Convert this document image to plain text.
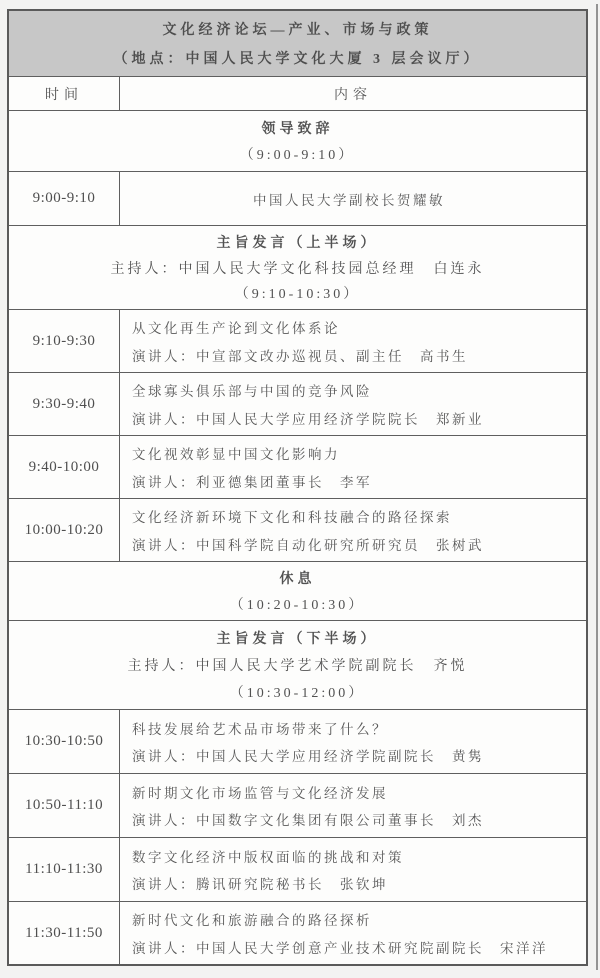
文化经济论坛—产业、市场与政策
（地点：中国人民大学文化大厦 3 层会议厅）
时间	内容
领导致辞
（9:00-9:10）
9:00-9:10	中国人民大学副校长贺耀敏
主旨发言（上半场）
主持人：中国人民大学文化科技园总经理　白连永
（9:10-10:30）
9:10-9:30
从文化再生产论到文化体系论
演讲人：中宣部文改办巡视员、副主任　高书生
9:30-9:40
全球寡头俱乐部与中国的竞争风险
演讲人：中国人民大学应用经济学院院长　郑新业
9:40-10:00
文化视效彰显中国文化影响力
演讲人：利亚德集团董事长　李军
10:00-10:20
文化经济新环境下文化和科技融合的路径探索
演讲人：中国科学院自动化研究所研究员　张树武
休息
（10:20-10:30）
主旨发言（下半场）
主持人：中国人民大学艺术学院副院长　齐悦
（10:30-12:00）
10:30-10:50
科技发展给艺术品市场带来了什么？
演讲人：中国人民大学应用经济学院副院长　黄隽
10:50-11:10
新时期文化市场监管与文化经济发展
演讲人：中国数字文化集团有限公司董事长　刘杰
11:10-11:30
数字文化经济中版权面临的挑战和对策
演讲人：腾讯研究院秘书长　张钦坤
11:30-11:50
新时代文化和旅游融合的路径探析
演讲人：中国人民大学创意产业技术研究院副院长　宋洋洋
